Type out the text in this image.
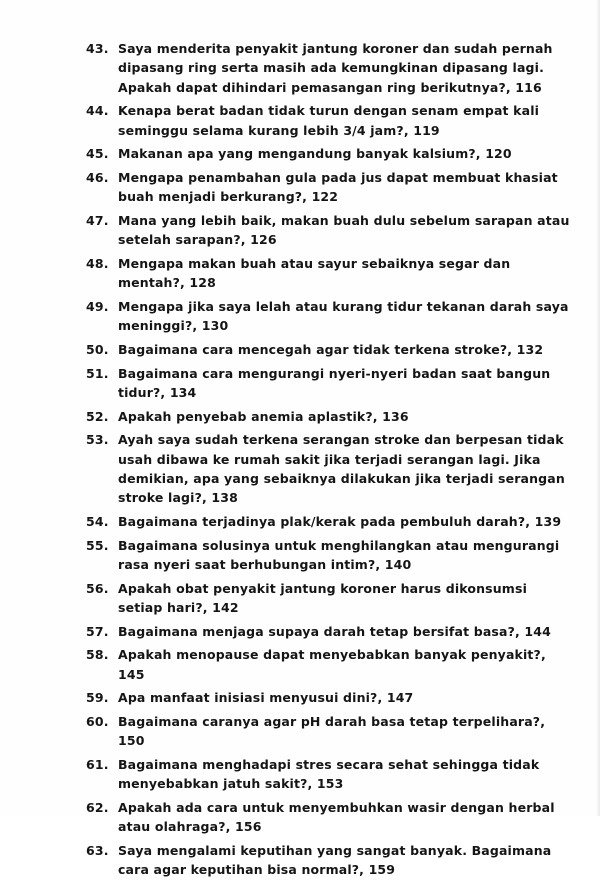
43. Saya menderita penyakit jantung koroner dan sudah pernah dipasang ring serta masih ada kemungkinan dipasang lagi. Apakah dapat dihindari pemasangan ring berikutnya?, 116
44. Kenapa berat badan tidak turun dengan senam empat kali seminggu selama kurang lebih 3/4 jam?, 119
45. Makanan apa yang mengandung banyak kalsium?, 120
46. Mengapa penambahan gula pada jus dapat membuat khasiat buah menjadi berkurang?, 122
47. Mana yang lebih baik, makan buah dulu sebelum sarapan atau setelah sarapan?, 126
48. Mengapa makan buah atau sayur sebaiknya segar dan mentah?, 128
49. Mengapa jika saya lelah atau kurang tidur tekanan darah saya meninggi?, 130
50. Bagaimana cara mencegah agar tidak terkena stroke?, 132
51. Bagaimana cara mengurangi nyeri-nyeri badan saat bangun tidur?, 134
52. Apakah penyebab anemia aplastik?, 136
53. Ayah saya sudah terkena serangan stroke dan berpesan tidak usah dibawa ke rumah sakit jika terjadi serangan lagi. Jika demikian, apa yang sebaiknya dilakukan jika terjadi serangan stroke lagi?, 138
54. Bagaimana terjadinya plak/kerak pada pembuluh darah?, 139
55. Bagaimana solusinya untuk menghilangkan atau mengurangi rasa nyeri saat berhubungan intim?, 140
56. Apakah obat penyakit jantung koroner harus dikonsumsi setiap hari?, 142
57. Bagaimana menjaga supaya darah tetap bersifat basa?, 144
58. Apakah menopause dapat menyebabkan banyak penyakit?, 145
59. Apa manfaat inisiasi menyusui dini?, 147
60. Bagaimana caranya agar pH darah basa tetap terpelihara?, 150
61. Bagaimana menghadapi stres secara sehat sehingga tidak menyebabkan jatuh sakit?, 153
62. Apakah ada cara untuk menyembuhkan wasir dengan herbal atau olahraga?, 156
63. Saya mengalami keputihan yang sangat banyak. Bagaimana cara agar keputihan bisa normal?, 159
